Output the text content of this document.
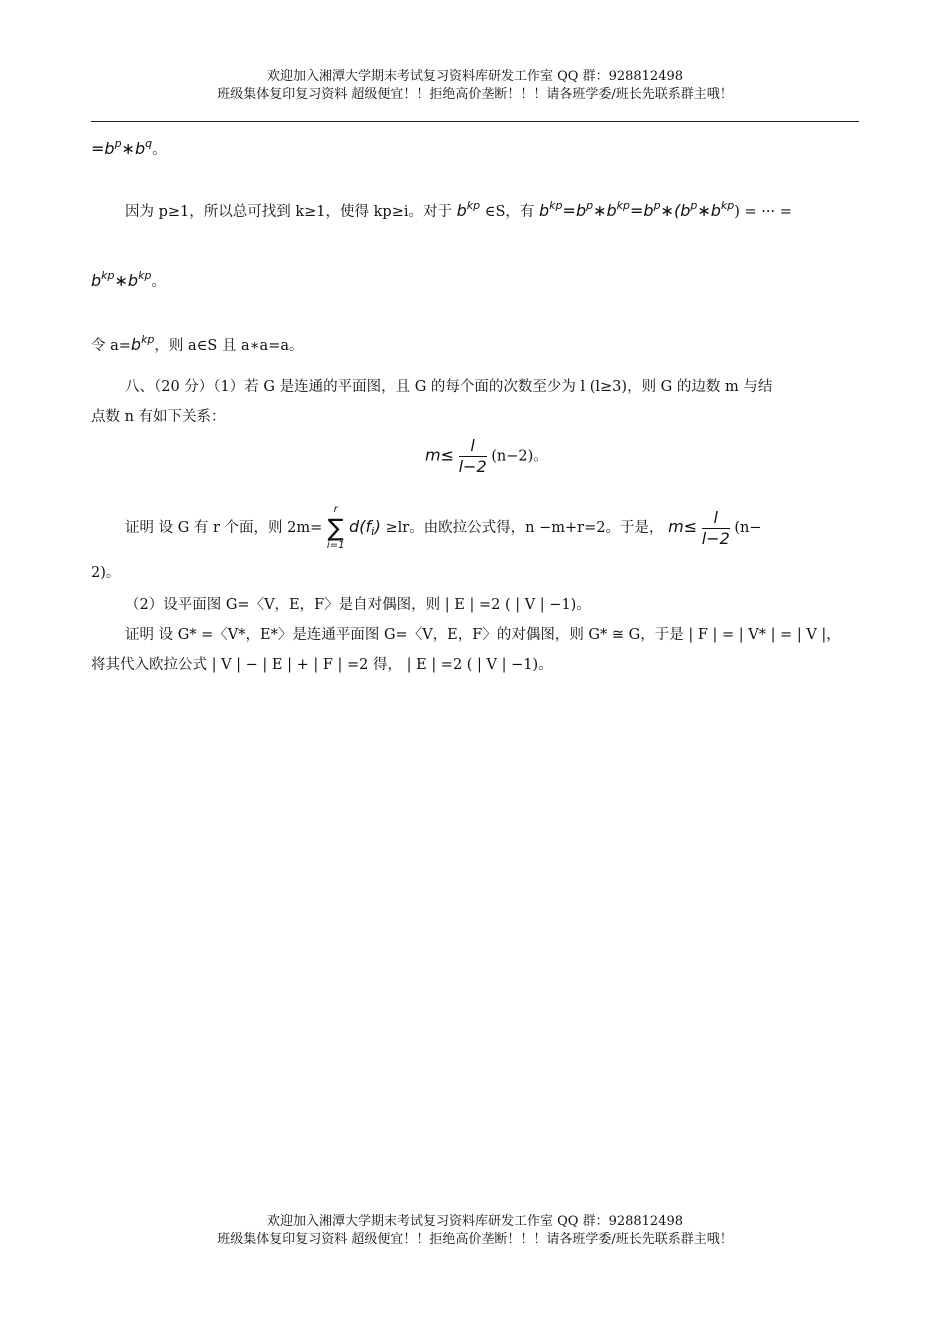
欢迎加入湘潭大学期末考试复习资料库研发工作室 QQ 群：928812498
班级集体复印复习资料 超级便宜！！拒绝高价垄断！！！请各班学委/班长先联系群主哦！
$=b^p∗b^q$。
因为 p≥1，所以总可找到 k≥1，使得 kp≥i。对于 $b^{kp}$ ∈S，有 $b^{kp}=b^p∗b^{kp}=b^p∗(b^p∗b^{kp})$ = ··· =
$b^{kp}∗b^{kp}$。
令 $a=b^{kp}$，则 a∈S 且 a∗a=a。
八、（20 分）（1）若 G 是连通的平面图，且 G 的每个面的次数至少为 l (l≥3)，则 G 的边数 m 与结
点数 n 有如下关系：
$m\le \frac{l}{l-2} (n-2)$。
证明 设 G 有 r 个面，则 2m=
r
∑
i=1
$d(f_i) \ge lr$。由欧拉公式得，n −m+r=2。于是， $m\le \frac{l}{l-2} (n-$
2)。
（2）设平面图 G=〈V，E，F〉是自对偶图，则 | E | =2 ( | V | −1)。
证明 设 G* =〈V*，E*〉是连通平面图 G=〈V，E，F〉的对偶图，则 G* ≅ G，于是 | F | = | V* | = | V |，
将其代入欧拉公式 | V | − | E | + | F | =2 得， | E | =2 ( | V | −1)。
欢迎加入湘潭大学期末考试复习资料库研发工作室 QQ 群：928812498
班级集体复印复习资料 超级便宜！！拒绝高价垄断！！！请各班学委/班长先联系群主哦！
